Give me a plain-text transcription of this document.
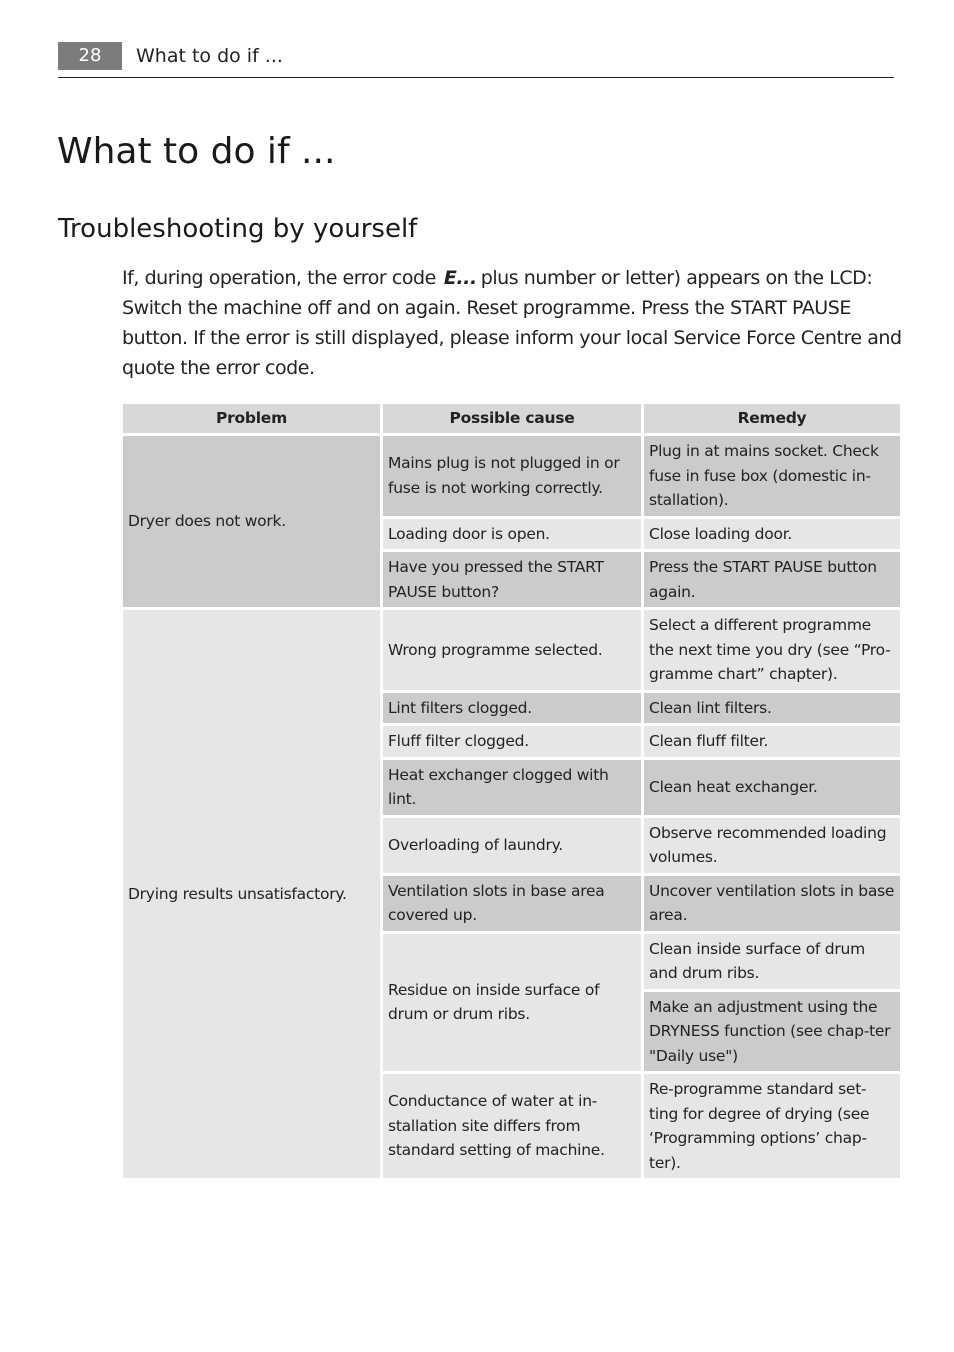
28	What to do if ...
What to do if ...
Troubleshooting by yourself

If, during operation, the error code E... plus number or letter) appears on the LCD: Switch the machine off and on again. Reset programme. Press the START PAUSE button. If the error is still displayed, please inform your local Service Force Centre and quote the error code.

Problem	Possible cause	Remedy
Dryer does not work.	Mains plug is not plugged in or fuse is not working correctly.	Plug in at mains socket. Check fuse in fuse box (domestic in-stallation).
	Loading door is open.	Close loading door.
	Have you pressed the START PAUSE button?	Press the START PAUSE button again.
Drying results unsatisfactory.	Wrong programme selected.	Select a different programme the next time you dry (see “Pro-gramme chart” chapter).
	Lint filters clogged.	Clean lint filters.
	Fluff filter clogged.	Clean fluff filter.
	Heat exchanger clogged with lint.	Clean heat exchanger.
	Overloading of laundry.	Observe recommended loading volumes.
	Ventilation slots in base area covered up.	Uncover ventilation slots in base area.
	Residue on inside surface of drum or drum ribs.	Clean inside surface of drum and drum ribs.
		Make an adjustment using the DRYNESS function (see chap-ter "Daily use")
	Conductance of water at in-stallation site differs from standard setting of machine.	Re-programme standard set-ting for degree of drying (see ‘Programming options’ chap-ter).
